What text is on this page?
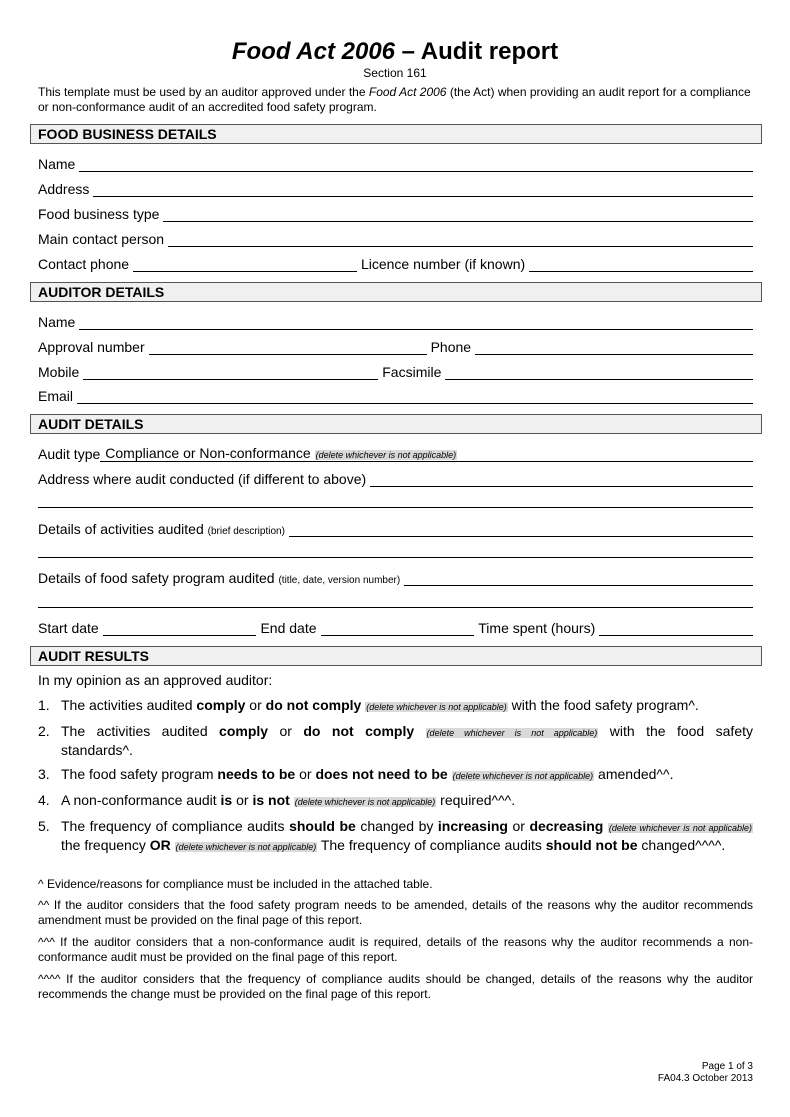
Food Act 2006 – Audit report
Section 161
This template must be used by an auditor approved under the Food Act 2006 (the Act) when providing an audit report for a compliance or non-conformance audit of an accredited food safety program.
FOOD BUSINESS DETAILS
Name
Address
Food business type
Main contact person
Contact phone	Licence number (if known)
AUDITOR DETAILS
Name
Approval number	Phone
Mobile	Facsimile
Email
AUDIT DETAILS
Audit type Compliance or Non-conformance (delete whichever is not applicable)
Address where audit conducted (if different to above)
Details of activities audited
(brief description)
Details of food safety program audited
(title, date, version number)
Start date	End date	Time spent (hours)
AUDIT RESULTS
In my opinion as an approved auditor:
1. The activities audited comply or do not comply (delete whichever is not applicable) with the food safety program^.
2. The activities audited comply or do not comply (delete whichever is not applicable) with the food safety standards^.
3. The food safety program needs to be or does not need to be (delete whichever is not applicable) amended^^.
4. A non-conformance audit is or is not (delete whichever is not applicable) required^^^.
5. The frequency of compliance audits should be changed by increasing or decreasing (delete whichever is not applicable) the frequency OR (delete whichever is not applicable) The frequency of compliance audits should not be changed^^^^.
^ Evidence/reasons for compliance must be included in the attached table.
^^ If the auditor considers that the food safety program needs to be amended, details of the reasons why the auditor recommends amendment must be provided on the final page of this report.
^^^ If the auditor considers that a non-conformance audit is required, details of the reasons why the auditor recommends a non-conformance audit must be provided on the final page of this report.
^^^^ If the auditor considers that the frequency of compliance audits should be changed, details of the reasons why the auditor recommends the change must be provided on the final page of this report.
Page 1 of 3
FA04.3 October 2013
